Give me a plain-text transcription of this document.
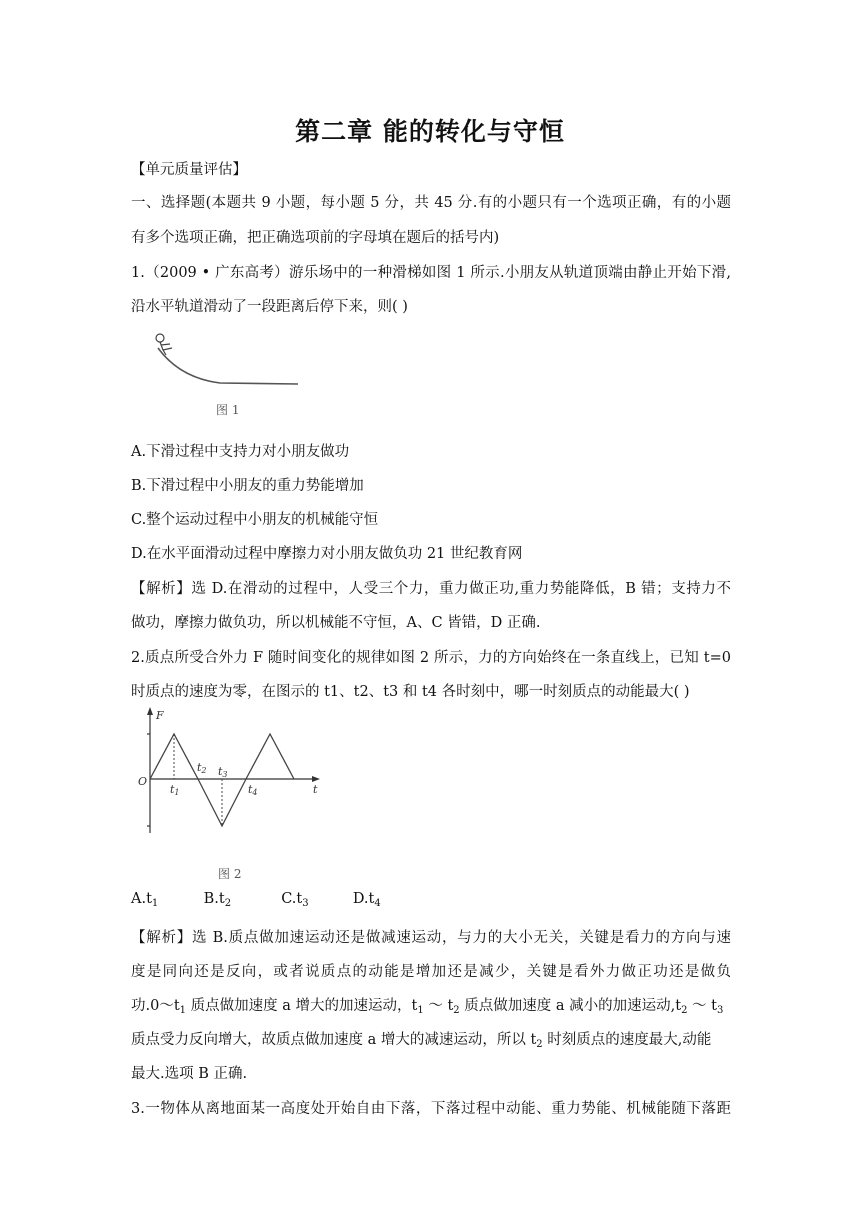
第二章 能的转化与守恒
【单元质量评估】
一、选择题(本题共 9 小题，每小题 5 分，共 45 分.有的小题只有一个选项正确，有的小题
有多个选项正确，把正确选项前的字母填在题后的括号内)
1.（2009 • 广东高考）游乐场中的一种滑梯如图 1 所示.小朋友从轨道顶端由静止开始下滑,
沿水平轨道滑动了一段距离后停下来，则( )
图 1
A.下滑过程中支持力对小朋友做功
B.下滑过程中小朋友的重力势能增加
C.整个运动过程中小朋友的机械能守恒
D.在水平面滑动过程中摩擦力对小朋友做负功 21 世纪教育网
【解析】选 D.在滑动的过程中，人受三个力，重力做正功,重力势能降低，B 错；支持力不
做功，摩擦力做负功，所以机械能不守恒，A、C 皆错，D 正确.
2.质点所受合外力 F 随时间变化的规律如图 2 所示，力的方向始终在一条直线上，已知 t=0
时质点的速度为零，在图示的 t1、t2、t3 和 t4 各时刻中，哪一时刻质点的动能最大( )
F
t
O
t1
t2 t3
t4
图 2
$A.t_1$	$B.t_2$	$C.t_3$	$D.t_4$
【解析】选 B.质点做加速运动还是做减速运动，与力的大小无关，关键是看力的方向与速
度是同向还是反向，或者说质点的动能是增加还是减少，关键是看外力做正功还是做负
功$.0\sim t_1$ 质点做加速度 a 增大的加速运动，$t_1$ ～ $t_2$ 质点做加速度 a 减小的加速运动$,t_2$ ～ $t_3$
质点受力反向增大，故质点做加速度 a 增大的减速运动，所以 $t_2$ 时刻质点的速度最大,动能
最大.选项 B 正确.
3.一物体从离地面某一高度处开始自由下落，下落过程中动能、重力势能、机械能随下落距
